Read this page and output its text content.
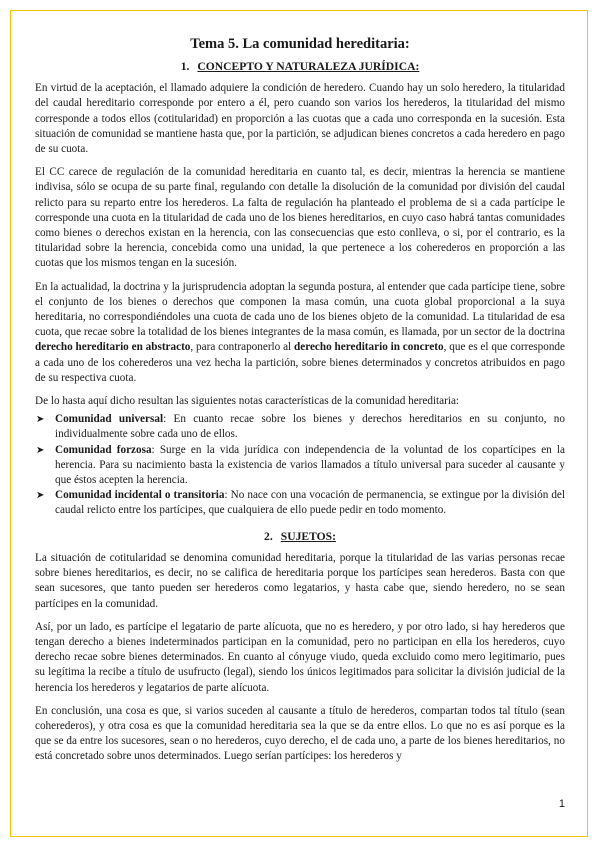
Tema 5. La comunidad hereditaria:
1. CONCEPTO Y NATURALEZA JURÍDICA:

En virtud de la aceptación, el llamado adquiere la condición de heredero. Cuando hay un solo heredero, la titularidad del caudal hereditario corresponde por entero a él, pero cuando son varios los herederos, la titularidad del mismo corresponde a todos ellos (cotitularidad) en proporción a las cuotas que a cada uno corresponda en la sucesión. Esta situación de comunidad se mantiene hasta que, por la partición, se adjudican bienes concretos a cada heredero en pago de su cuota.

El CC carece de regulación de la comunidad hereditaria en cuanto tal, es decir, mientras la herencia se mantiene indivisa, sólo se ocupa de su parte final, regulando con detalle la disolución de la comunidad por división del caudal relicto para su reparto entre los herederos. La falta de regulación ha planteado el problema de si a cada partícipe le corresponde una cuota en la titularidad de cada uno de los bienes hereditarios, en cuyo caso habrá tantas comunidades como bienes o derechos existan en la herencia, con las consecuencias que esto conlleva, o si, por el contrario, es la titularidad sobre la herencia, concebida como una unidad, la que pertenece a los coherederos en proporción a las cuotas que los mismos tengan en la sucesión.

En la actualidad, la doctrina y la jurisprudencia adoptan la segunda postura, al entender que cada partícipe tiene, sobre el conjunto de los bienes o derechos que componen la masa común, una cuota global proporcional a la suya hereditaria, no correspondiéndoles una cuota de cada uno de los bienes objeto de la comunidad. La titularidad de esa cuota, que recae sobre la totalidad de los bienes integrantes de la masa común, es llamada, por un sector de la doctrina derecho hereditario en abstracto, para contraponerlo al derecho hereditario in concreto, que es el que corresponde a cada uno de los coherederos una vez hecha la partición, sobre bienes determinados y concretos atribuidos en pago de su respectiva cuota.

De lo hasta aquí dicho resultan las siguientes notas características de la comunidad hereditaria:

➤ Comunidad universal: En cuanto recae sobre los bienes y derechos hereditarios en su conjunto, no individualmente sobre cada uno de ellos.
➤ Comunidad forzosa: Surge en la vida jurídica con independencia de la voluntad de los copartícipes en la herencia. Para su nacimiento basta la existencia de varios llamados a título universal para suceder al causante y que éstos acepten la herencia.
➤ Comunidad incidental o transitoria: No nace con una vocación de permanencia, se extingue por la división del caudal relicto entre los partícipes, que cualquiera de ello puede pedir en todo momento.
2. SUJETOS:

La situación de cotitularidad se denomina comunidad hereditaria, porque la titularidad de las varias personas recae sobre bienes hereditarios, es decir, no se califica de hereditaria porque los partícipes sean herederos. Basta con que sean sucesores, que tanto pueden ser herederos como legatarios, y hasta cabe que, siendo heredero, no se sean partícipes en la comunidad.

Así, por un lado, es partícipe el legatario de parte alícuota, que no es heredero, y por otro lado, si hay herederos que tengan derecho a bienes indeterminados participan en la comunidad, pero no participan en ella los herederos, cuyo derecho recae sobre bienes determinados. En cuanto al cónyuge viudo, queda excluido como mero legitimario, pues su legítima la recibe a título de usufructo (legal), siendo los únicos legitimados para solicitar la división judicial de la herencia los herederos y legatarios de parte alícuota.

En conclusión, una cosa es que, si varios suceden al causante a título de herederos, compartan todos tal título (sean coherederos), y otra cosa es que la comunidad hereditaria sea la que se da entre ellos. Lo que no es así porque es la que se da entre los sucesores, sean o no herederos, cuyo derecho, el de cada uno, a parte de los bienes hereditarios, no está concretado sobre unos determinados. Luego serían partícipes: los herederos y

1
